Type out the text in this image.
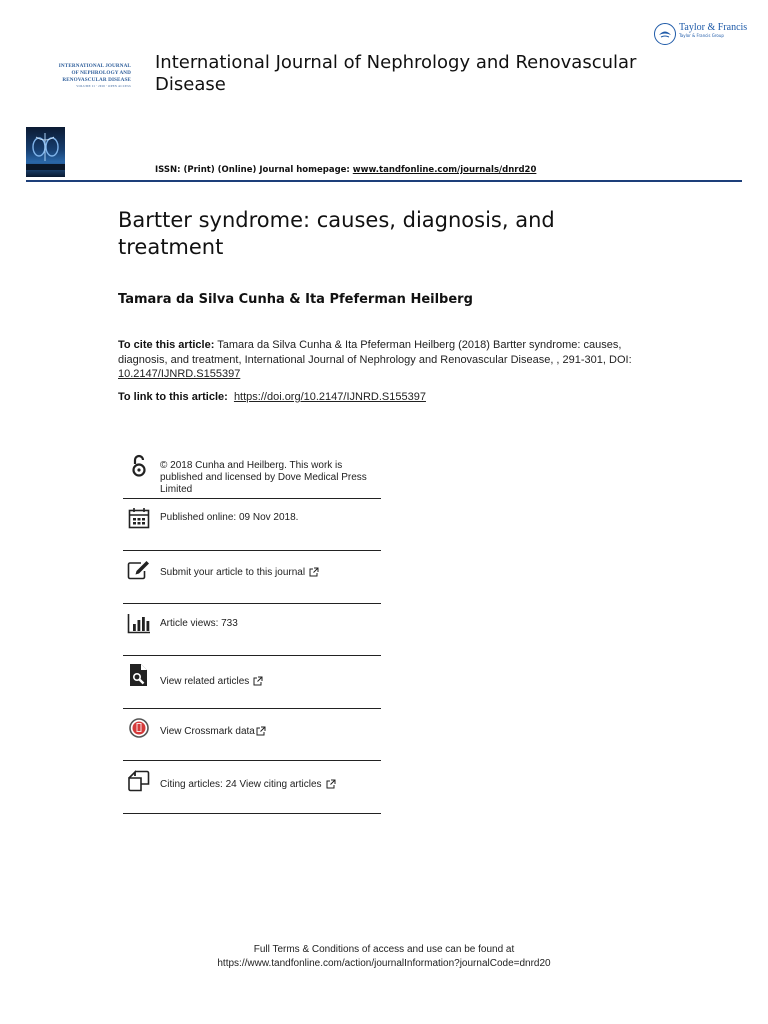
Taylor & Francis
Taylor & Francis Group
INTERNATIONAL JOURNAL
OF NEPHROLOGY AND
RENOVASCULAR DISEASE
VOLUME 11 · 2018 · OPEN ACCESS
International Journal of Nephrology and Renovascular Disease
ISSN: (Print) (Online) Journal homepage: www.tandfonline.com/journals/dnrd20
Bartter syndrome: causes, diagnosis, and treatment
Tamara da Silva Cunha & Ita Pfeferman Heilberg
To cite this article: Tamara da Silva Cunha & Ita Pfeferman Heilberg (2018) Bartter syndrome: causes, diagnosis, and treatment, International Journal of Nephrology and Renovascular Disease, , 291-301, DOI: 10.2147/IJNRD.S155397
To link to this article: https://doi.org/10.2147/IJNRD.S155397
© 2018 Cunha and Heilberg. This work is published and licensed by Dove Medical Press Limited
Published online: 09 Nov 2018.
Submit your article to this journal
Article views: 733
View related articles
View Crossmark data
Citing articles: 24 View citing articles
Full Terms & Conditions of access and use can be found at
https://www.tandfonline.com/action/journalInformation?journalCode=dnrd20
